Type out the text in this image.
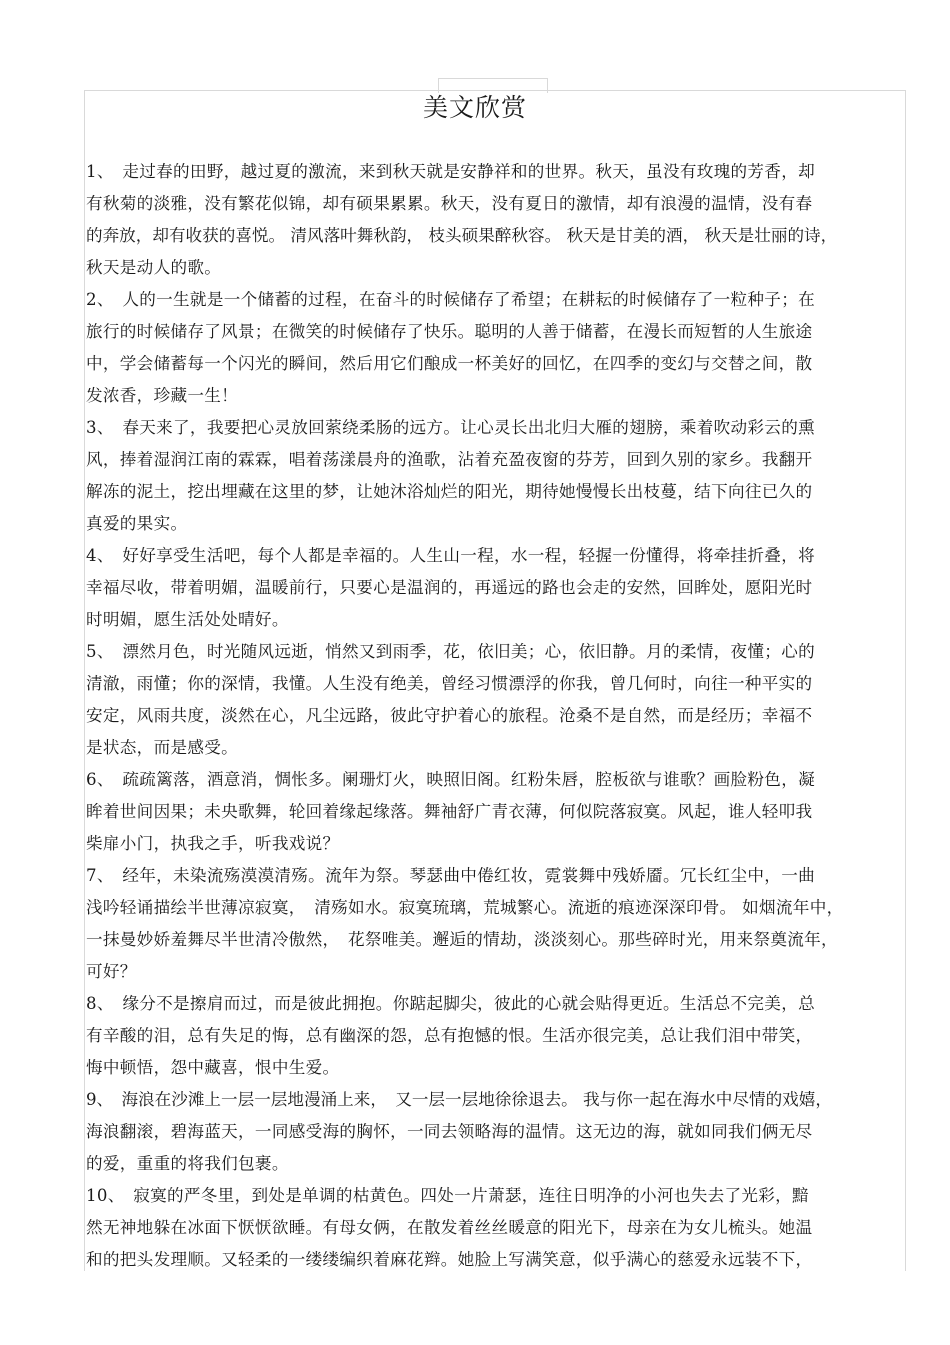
美文欣赏
1、　走过春的田野，越过夏的激流，来到秋天就是安静祥和的世界。秋天，虽没有玫瑰的芳香，却
有秋菊的淡雅，没有繁花似锦，却有硕果累累。秋天，没有夏日的激情，却有浪漫的温情，没有春
的奔放，却有收获的喜悦。 清风落叶舞秋韵， 枝头硕果醉秋容。 秋天是甘美的酒， 秋天是壮丽的诗，
秋天是动人的歌。
2、　人的一生就是一个储蓄的过程，在奋斗的时候储存了希望；在耕耘的时候储存了一粒种子；在
旅行的时候储存了风景；在微笑的时候储存了快乐。聪明的人善于储蓄，在漫长而短暂的人生旅途
中，学会储蓄每一个闪光的瞬间，然后用它们酿成一杯美好的回忆，在四季的变幻与交替之间，散
发浓香，珍藏一生！
3、　春天来了，我要把心灵放回萦绕柔肠的远方。让心灵长出北归大雁的翅膀，乘着吹动彩云的熏
风，捧着湿润江南的霖霖，唱着荡漾晨舟的渔歌，沾着充盈夜窗的芬芳，回到久别的家乡。我翻开
解冻的泥土，挖出埋藏在这里的梦，让她沐浴灿烂的阳光，期待她慢慢长出枝蔓，结下向往已久的
真爱的果实。
4、　好好享受生活吧，每个人都是幸福的。人生山一程，水一程，轻握一份懂得，将牵挂折叠，将
幸福尽收，带着明媚，温暖前行，只要心是温润的，再遥远的路也会走的安然，回眸处，愿阳光时
时明媚，愿生活处处晴好。
5、　漂然月色，时光随风远逝，悄然又到雨季，花，依旧美；心，依旧静。月的柔情，夜懂；心的
清澈，雨懂；你的深情，我懂。人生没有绝美，曾经习惯漂浮的你我，曾几何时，向往一种平实的
安定，风雨共度，淡然在心，凡尘远路，彼此守护着心的旅程。沧桑不是自然，而是经历；幸福不
是状态，而是感受。
6、　疏疏篱落，酒意消，惆怅多。阑珊灯火，映照旧阁。红粉朱唇，腔板欲与谁歌？画脸粉色，凝
眸着世间因果；未央歌舞，轮回着缘起缘落。舞袖舒广青衣薄，何似院落寂寞。风起，谁人轻叩我
柴扉小门，执我之手，听我戏说？
7、　经年，未染流殇漠漠清殇。流年为祭。琴瑟曲中倦红妆，霓裳舞中残娇靥。冗长红尘中，一曲
浅吟轻诵描绘半世薄凉寂寞，　清殇如水。寂寞琉璃，荒城繁心。流逝的痕迹深深印骨。 如烟流年中，
一抹曼妙娇羞舞尽半世清冷傲然，　花祭唯美。邂逅的情劫，淡淡刻心。那些碎时光，用来祭奠流年，
可好？
8、　缘分不是擦肩而过，而是彼此拥抱。你踮起脚尖，彼此的心就会贴得更近。生活总不完美，总
有辛酸的泪，总有失足的悔，总有幽深的怨，总有抱憾的恨。生活亦很完美，总让我们泪中带笑，
悔中顿悟，怨中藏喜，恨中生爱。
9、　海浪在沙滩上一层一层地漫涌上来，　又一层一层地徐徐退去。 我与你一起在海水中尽情的戏嬉，
海浪翻滚，碧海蓝天，一同感受海的胸怀，一同去领略海的温情。这无边的海，就如同我们俩无尽
的爱，重重的将我们包裹。
10、　寂寞的严冬里，到处是单调的枯黄色。四处一片萧瑟，连往日明净的小河也失去了光彩，黯
然无神地躲在冰面下恹恹欲睡。有母女俩，在散发着丝丝暖意的阳光下，母亲在为女儿梳头。她温
和的把头发理顺。又轻柔的一缕缕编织着麻花辫。她脸上写满笑意，似乎满心的慈爱永远装不下，
